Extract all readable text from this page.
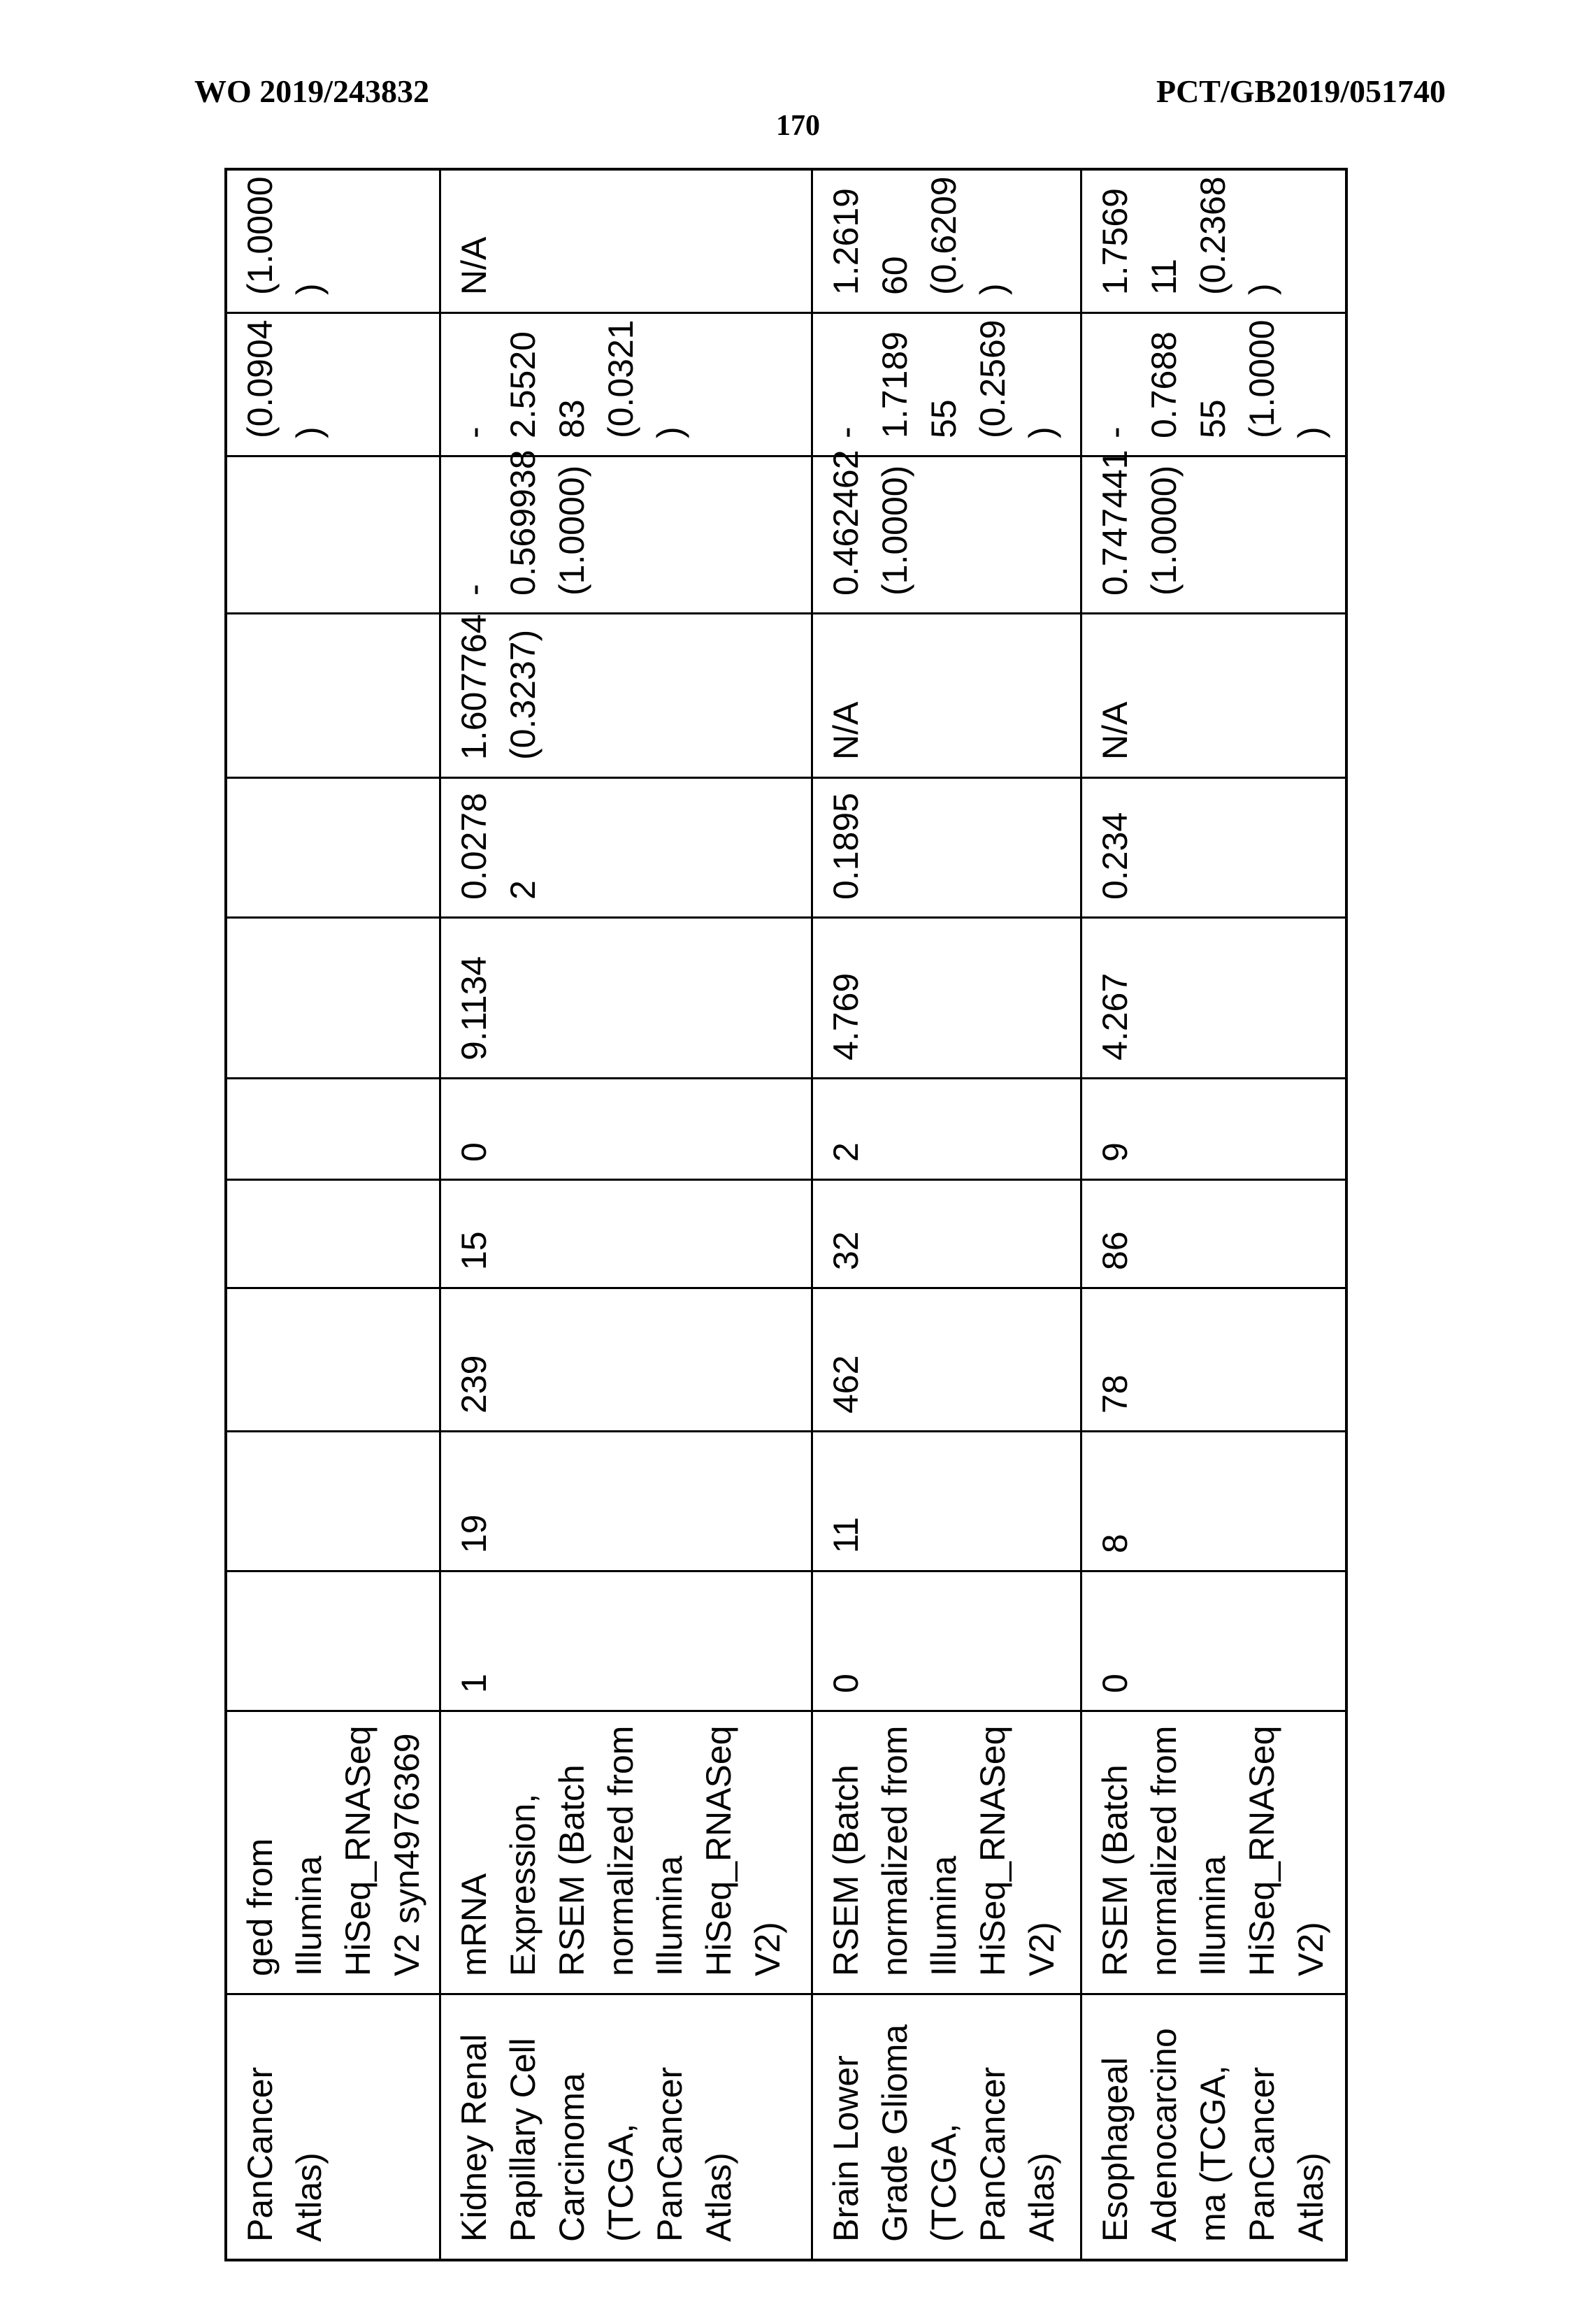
WO 2019/243832	PCT/GB2019/051740
170
PanCancer
Atlas)
ged from
Illumina
HiSeq_RNASeq
V2 syn4976369
(0.0904
)
(1.0000
)
Kidney Renal
Papillary Cell
Carcinoma
(TCGA,
PanCancer
Atlas)
mRNA
Expression,
RSEM (Batch
normalized from
Illumina
HiSeq_RNASeq
V2)
1
19
239
15
0
9.1134
0.0278
2
1.607764
(0.3237)
-
0.569938
(1.0000)
-
2.5520
83
(0.0321
)
N/A
Brain Lower
Grade Glioma
(TCGA,
PanCancer
Atlas)
RSEM (Batch
normalized from
Illumina
HiSeq_RNASeq
V2)
0
11
462
32
2
4.769
0.1895
N/A
0.462462
(1.0000)
-
1.7189
55
(0.2569
)
1.2619
60
(0.6209
)
Esophageal
Adenocarcino
ma (TCGA,
PanCancer
Atlas)
RSEM (Batch
normalized from
Illumina
HiSeq_RNASeq
V2)
0
8
78
86
9
4.267
0.234
N/A
0.747441
(1.0000)
-
0.7688
55
(1.0000
)
1.7569
11
(0.2368
)
